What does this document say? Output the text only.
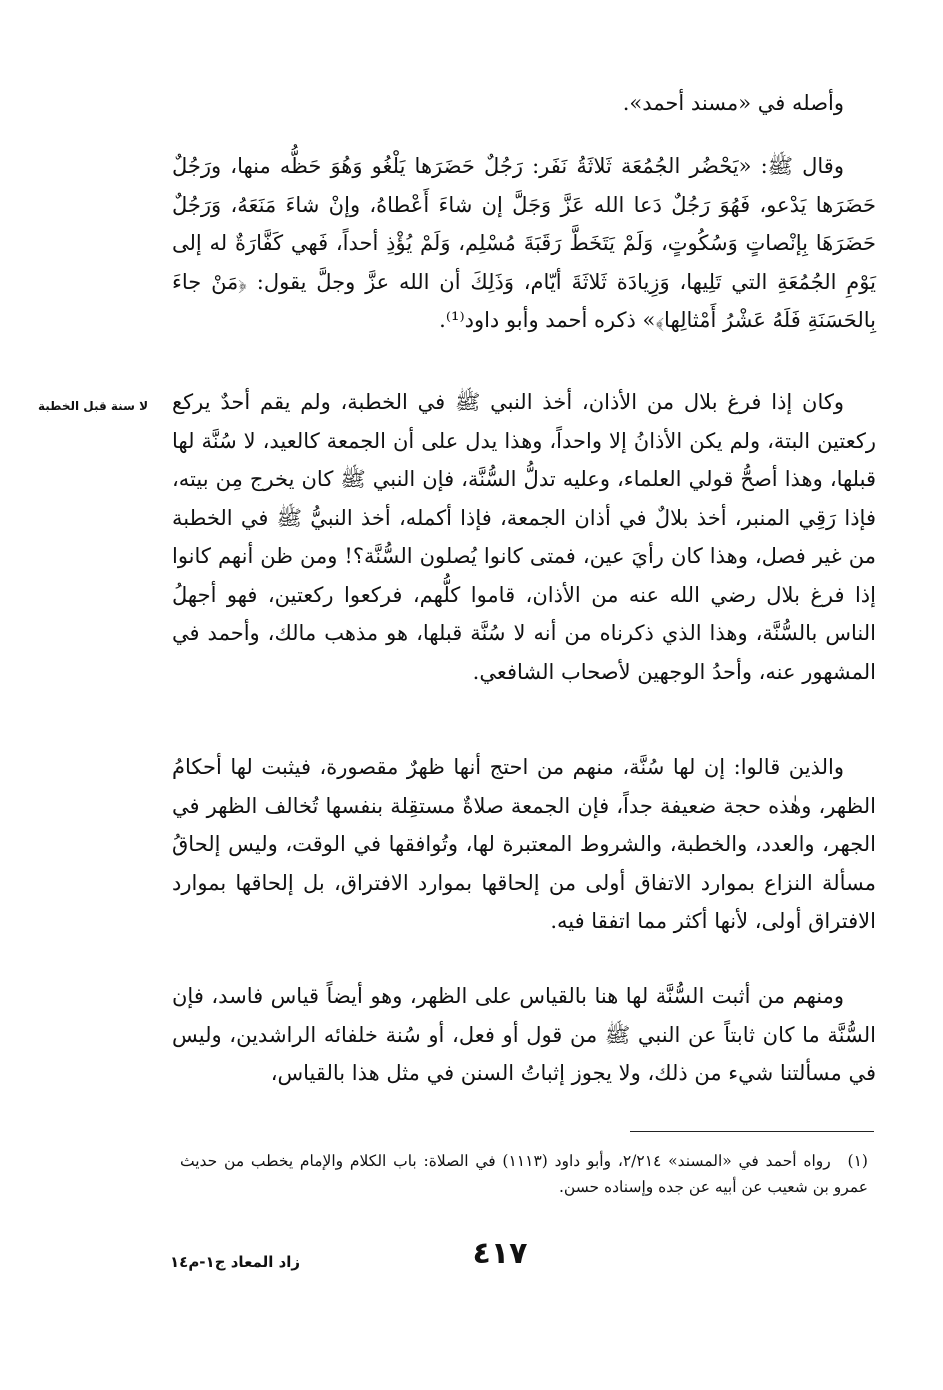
وأصله في «مسند أحمد».

وقال ﷺ: «يَحْضُر الجُمُعَة ثَلاثَةُ نَفَر: رَجُلٌ حَضَرَها يَلْغُو وَهُوَ حَظُّه منها، ورَجُلٌ حَضَرَها يَدْعو، فَهُوَ رَجُلٌ دَعا الله عَزَّ وَجَلَّ إن شاءَ أَعْطاهُ، وإنْ شاءَ مَنَعَهُ، وَرَجُلٌ حَضَرَهَا بِإنْصاتٍ وَسُكُوتٍ، وَلَمْ يَتَخَطَّ رَقَبَةَ مُسْلِم، وَلَمْ يُؤْذِ أحداً، فَهي كَفَّارَةٌ له إلى يَوْمِ الجُمُعَةِ التي تَلِيها، وَزِيادَة ثَلاثَةَ أيّام، وَذَلِكَ أن الله عزَّ وجلَّ يقول: ﴿مَنْ جاءَ بِالحَسَنَةِ فَلَهُ عَشْرُ أَمْثالِها﴾» ذكره أحمد وأبو داود⁽¹⁾.

لا سنة قبل الخطبة وكان إذا فرغ بلال من الأذان، أخذ النبي ﷺ في الخطبة، ولم يقم أحدٌ يركع ركعتين البتة، ولم يكن الأذانُ إلا واحداً، وهذا يدل على أن الجمعة كالعيد، لا سُنَّة لها قبلها، وهذا أصحُّ قولي العلماء، وعليه تدلُّ السُّنَّة، فإن النبي ﷺ كان يخرج مِن بيته، فإذا رَقِي المنبر، أخذ بلالٌ في أذان الجمعة، فإذا أكمله، أخذ النبيُّ ﷺ في الخطبة من غير فصل، وهذا كان رأيَ عين، فمتى كانوا يُصلون السُّنَّة؟! ومن ظن أنهم كانوا إذا فرغ بلال رضي الله عنه من الأذان، قاموا كلُّهم، فركعوا ركعتين، فهو أجهلُ الناس بالسُّنَّة، وهذا الذي ذكرناه من أنه لا سُنَّة قبلها، هو مذهب مالك، وأحمد في المشهور عنه، وأحدُ الوجهين لأصحاب الشافعي.

والذين قالوا: إن لها سُنَّة، منهم من احتج أنها ظهرٌ مقصورة، فيثبت لها أحكامُ الظهر، وهٰذه حجة ضعيفة جداً، فإن الجمعة صلاةٌ مستقِلة بنفسها تُخالف الظهر في الجهر، والعدد، والخطبة، والشروط المعتبرة لها، وتُوافقها في الوقت، وليس إلحاقُ مسألة النزاع بموارد الاتفاق أولى من إلحاقها بموارد الافتراق، بل إلحاقها بموارد الافتراق أولى، لأنها أكثر مما اتفقا فيه.

ومنهم من أثبت السُّنَّة لها هنا بالقياس على الظهر، وهو أيضاً قياس فاسد، فإن السُّنَّة ما كان ثابتاً عن النبي ﷺ من قول أو فعل، أو سُنة خلفائه الراشدين، وليس في مسألتنا شيء من ذلك، ولا يجوز إثباتُ السنن في مثل هذا بالقياس،

(١) رواه أحمد في «المسند» ٢/٢١٤، وأبو داود (١١١٣) في الصلاة: باب الكلام والإمام يخطب من حديث عمرو بن شعيب عن أبيه عن جده وإسناده حسن.

٤١٧
زاد المعاد ج١-م١٤
